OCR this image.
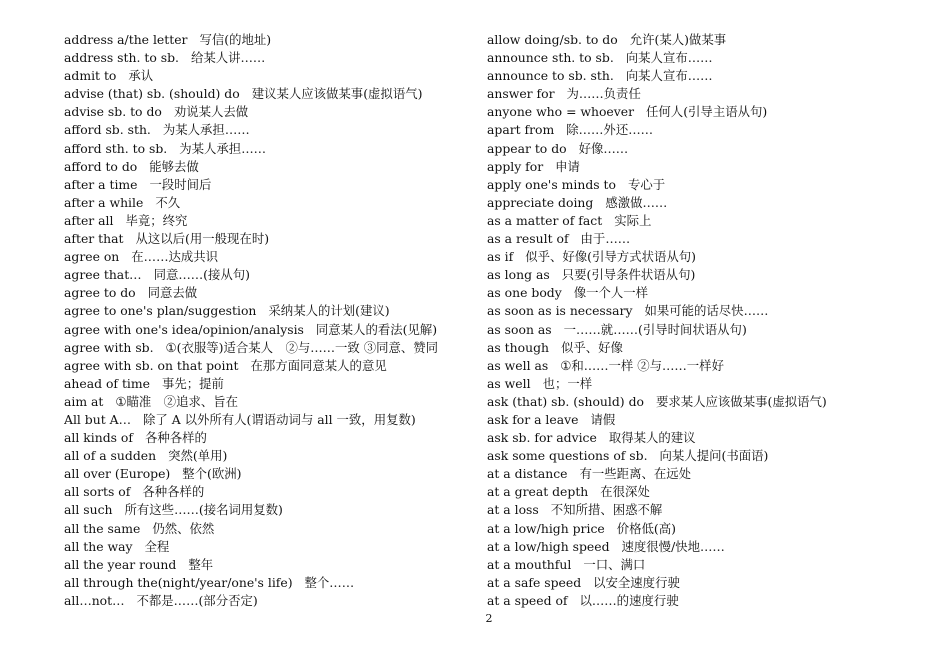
address a/the letter 写信(的地址)
address sth. to sb. 给某人讲……
admit to 承认
advise (that) sb. (should) do 建议某人应该做某事(虚拟语气)
advise sb. to do 劝说某人去做
afford sb. sth. 为某人承担……
afford sth. to sb. 为某人承担……
afford to do 能够去做
after a time 一段时间后
after a while 不久
after all 毕竟；终究
after that 从这以后(用一般现在时)
agree on 在……达成共识
agree that… 同意……(接从句)
agree to do 同意去做
agree to one's plan/suggestion 采纳某人的计划(建议)
agree with one's idea/opinion/analysis 同意某人的看法(见解)
agree with sb. ①(衣服等)适合某人　②与……一致 ③同意、赞同
agree with sb. on that point 在那方面同意某人的意见
ahead of time 事先；提前
aim at ①瞄准　②追求、旨在
All but A… 除了 A 以外所有人(谓语动词与 all 一致，用复数)
all kinds of 各种各样的
all of a sudden 突然(单用)
all over (Europe) 整个(欧洲)
all sorts of 各种各样的
all such 所有这些……(接名词用复数)
all the same 仍然、依然
all the way 全程
all the year round 整年
all through the(night/year/one's life) 整个……
all…not… 不都是……(部分否定)
allow doing/sb. to do 允许(某人)做某事
announce sth. to sb. 向某人宣布……
announce to sb. sth. 向某人宣布……
answer for 为……负责任
anyone who = whoever 任何人(引导主语从句)
apart from 除……外还……
appear to do 好像……
apply for 申请
apply one's minds to 专心于
appreciate doing 感激做……
as a matter of fact 实际上
as a result of 由于……
as if 似乎、好像(引导方式状语从句)
as long as 只要(引导条件状语从句)
as one body 像一个人一样
as soon as is necessary 如果可能的话尽快……
as soon as 一……就……(引导时间状语从句)
as though 似乎、好像
as well as ①和……一样 ②与……一样好
as well 也；一样
ask (that) sb. (should) do 要求某人应该做某事(虚拟语气)
ask for a leave 请假
ask sb. for advice 取得某人的建议
ask some questions of sb. 向某人提问(书面语)
at a distance 有一些距离、在远处
at a great depth 在很深处
at a loss 不知所措、困惑不解
at a low/high price 价格低(高)
at a low/high speed 速度很慢/快地……
at a mouthful 一口、满口
at a safe speed 以安全速度行驶
at a speed of 以……的速度行驶
2
